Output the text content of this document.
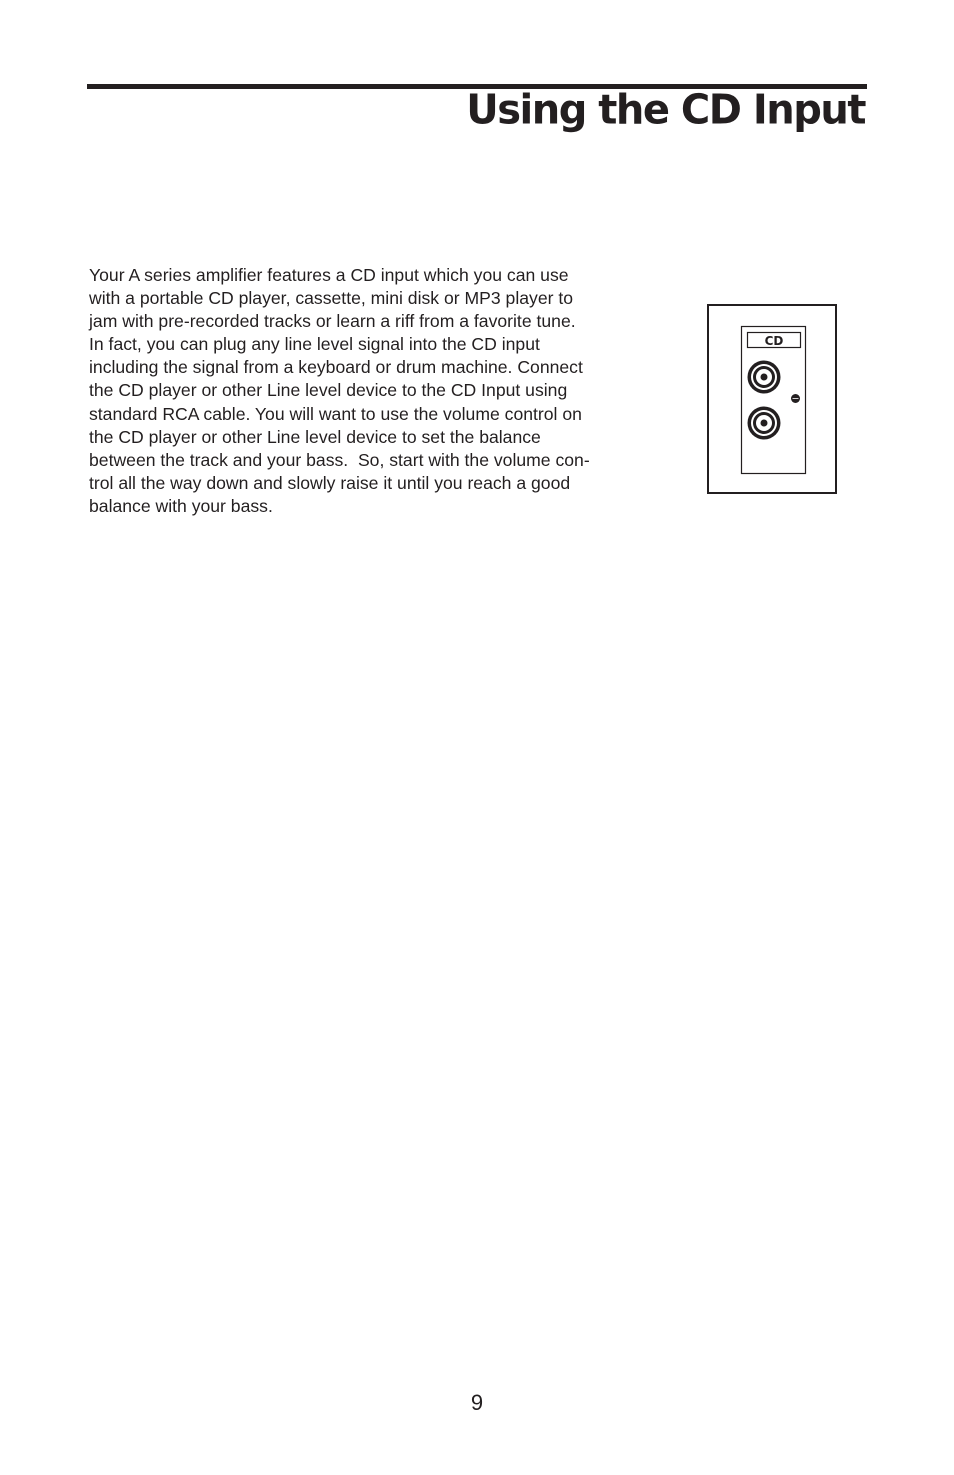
Using the CD Input

Your A series amplifier features a CD input which you can use
with a portable CD player, cassette, mini disk or MP3 player to
jam with pre-recorded tracks or learn a riff from a favorite tune.
In fact, you can plug any line level signal into the CD input
including the signal from a keyboard or drum machine. Connect
the CD player or other Line level device to the CD Input using
standard RCA cable. You will want to use the volume control on
the CD player or other Line level device to set the balance
between the track and your bass.  So, start with the volume con-
trol all the way down and slowly raise it until you reach a good
balance with your bass.

CD
9
